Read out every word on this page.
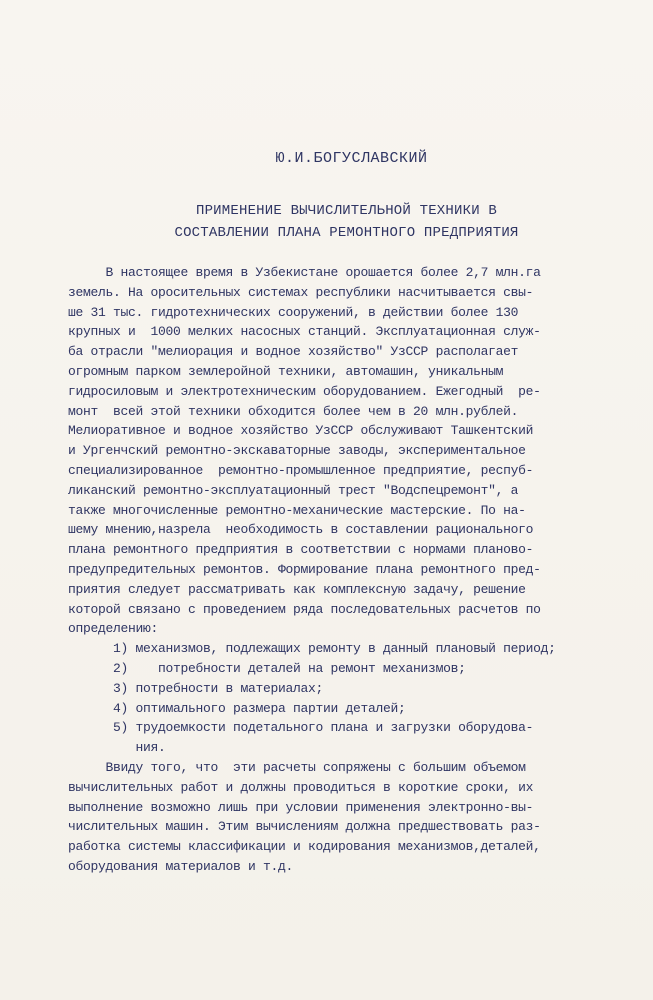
Ю.И.БОГУСЛАВСКИЙ
ПРИМЕНЕНИЕ ВЫЧИСЛИТЕЛЬНОЙ ТЕХНИКИ В
СОСТАВЛЕНИИ ПЛАНА РЕМОНТНОГО ПРЕДПРИЯТИЯ
В настоящее время в Узбекистане орошается более 2,7 млн.га
земель. На оросительных системах республики насчитывается свы-
ше 31 тыс. гидротехнических сооружений, в действии более 130
крупных и  1000 мелких насосных станций. Эксплуатационная служ-
ба отрасли "мелиорация и водное хозяйство" УзССР располагает
огромным парком землеройной техники, автомашин, уникальным
гидросиловым и электротехническим оборудованием. Ежегодный  ре-
монт  всей этой техники обходится более чем в 20 млн.рублей.
Мелиоративное и водное хозяйство УзССР обслуживают Ташкентский
и Ургенчский ремонтно-экскаваторные заводы, экспериментальное
специализированное  ремонтно-промышленное предприятие, респуб-
ликанский ремонтно-эксплуатационный трест "Водспецремонт", а
также многочисленные ремонтно-механические мастерские. По на-
шему мнению,назрела  необходимость в составлении рационального
плана ремонтного предприятия в соответствии с нормами планово-
предупредительных ремонтов. Формирование плана ремонтного пред-
приятия следует рассматривать как комплексную задачу, решение
которой связано с проведением ряда последовательных расчетов по
определению:
1) механизмов, подлежащих ремонту в данный плановый период;
2)    потребности деталей на ремонт механизмов;
3) потребности в материалах;
4) оптимального размера партии деталей;
5) трудоемкости подетального плана и загрузки оборудова-
ния.
Ввиду того, что  эти расчеты сопряжены с большим объемом
вычислительных работ и должны проводиться в короткие сроки, их
выполнение возможно лишь при условии применения электронно-вы-
числительных машин. Этим вычислениям должна предшествовать раз-
работка системы классификации и кодирования механизмов,деталей,
оборудования материалов и т.д.
